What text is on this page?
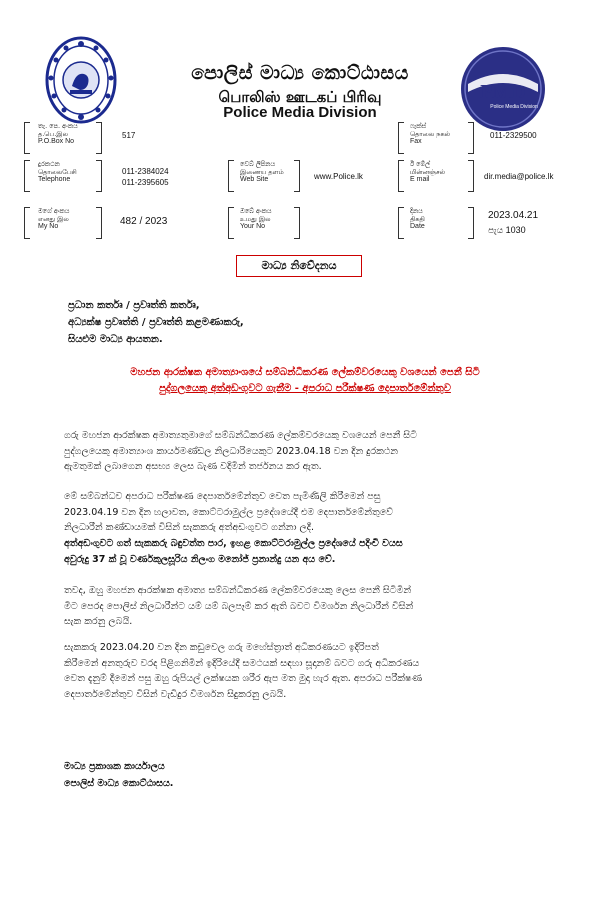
PMD
Police Media Division
පොලිස් මාධ්‍ය කොට්ඨාසය
பொலிஸ் ஊடகப் பிரிவு
Police Media Division
තැ. පෙ. අංකය
த.பெ.இல
P.O.Box No
517
ෆැක්ස්
தொலை நகல்
Fax
011-2329500
දුරකථන
தொலைபேசி
Telephone
011-2384024
011-2395605
වෙබ් ලිපිනය
இணைய தளம்
Web Site	www.Police.lk
ඊ මේල්
மின்னஞ்சல்
E mail	dir.media@police.lk
මගේ අංකය
எனது இல
My No	482 / 2023
ඔබේ අංකය
உமது இல
Your No
දිනය
திகதி
Date
2023.04.21
පැය 1030
මාධ්‍ය නිවේදනය
ප්‍රධාන කර්තෘ / ප්‍රවෘත්ති කර්තෘ,
අධ්‍යක්ෂ ප්‍රවෘත්ති / ප්‍රවෘත්ති කළමණාකරු,
සියළුම මාධ්‍ය ආයතන.
මහජන ආරක්ෂක අමාත්‍යාංශයේ සම්බන්ධීකරණ ලේකම්වරයෙකු වශයෙන් පෙනී සිටි
පුද්ගලයෙකු අත්අඩංගුවට ගැනීම - අපරාධ පරීක්ෂණ දෙපාර්තමේන්තුව
ගරු මහජන ආරක්ෂක අමාත්‍යතුමාගේ සම්බන්ධීකරණ ලේකම්වරයෙකු වශයෙන් පෙනී සිටි
පුද්ගලයෙකු අමාත්‍යාංශ කාර්යමණ්ඩල නිලධාරියෙකුට 2023.04.18 වන දින දුරකථන
ඇමතුමක් ලබාගෙන අසභ්‍ය ලෙස බැණ වදිමින් තර්ජනය කර ඇත.
මේ සම්බන්ධව අපරාධ පරීක්ෂණ දෙපාර්තමේන්තුව වෙත පැමිණිලි කිරීමෙන් පසු
2023.04.19 වන දින හලාවත, කොට්ටරාමුල්ල ප්‍රදේශයේදී එම දෙපාර්තමේන්තුවේ
නිලධාරීන් කණ්ඩායමක් විසින් සැකකරු අත්අඩංගුවට ගන්නා ලදී.
අත්අඩංගුවට ගත් සැකකරු බඳුවත්ත පාර, ඉහළ කොට්ටරාමුල්ල ප්‍රදේශයේ පදිංචි වයස
අවුරුදු 37 ක් වූ වර්ණකුලසූරිය නිලංග මනෝජ් ප්‍රනාන්දු යන අය වේ.
තවද, ඔහු මහජන ආරක්ෂක අමාත්‍ය සම්බන්ධීකරණ ලේකම්වරයෙකු ලෙස පෙනී සිටිමින්
මීට පෙරද පොලිස් නිලධාරීන්ට යම් යම් බලපෑම් කර ඇති බවට විමර්ශන නිලධාරීන් විසින්
සැක කරනු ලබයි.
සැකකරු 2023.04.20 වන දින කඩුවෙල ගරු මහේස්ත්‍රාත් අධිකරණයට ඉදිරිපත්
කිරීමෙන් අනතුරුව වරද පිළිගනිමින් ඉදිරියේදී සමථයක් සඳහා සූදානම් බවට ගරු අධිකරණය
වෙත දැනුම් දීමෙන් පසු ඔහු රුපියල් ලක්ෂයක ශරීර ඇප මත මුදා හැර ඇත. අපරාධ පරීක්ෂණ
දෙපාර්තමේන්තුව විසින් වැඩිදුර විමර්ශන සිදුකරනු ලබයි.
මාධ්‍ය ප්‍රකාශක කාර්යාලය
පොලිස් මාධ්‍ය කොට්ඨාසය.
